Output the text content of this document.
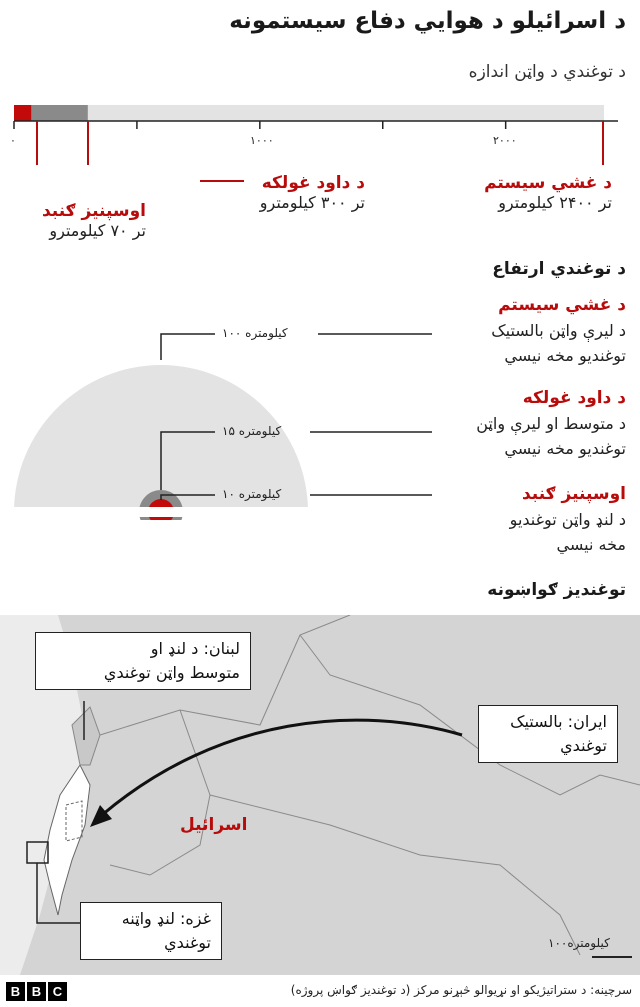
د اسرائیلو د هوایي دفاع سیستمونه
د توغندي د واټن اندازه
۰	۱۰۰۰	۲۰۰۰
د غشي سیستم
تر ۲۴۰۰ کیلومترو
د داود غولکه
تر ۳۰۰ کیلومترو
اوسپنیز ګنبد
تر ۷۰ کیلومترو
د توغندي ارتفاع
۱۰۰ کیلومتره
۱۵ کیلومتره
۱۰ کیلومتره
د غشي سیستم
د لیرې واټن بالستیک
توغندیو مخه نیسي
د داود غولکه
د متوسط او لیرې واټن
توغندیو مخه نیسي
اوسپنیز ګنبد
د لنډ واټن توغندیو
مخه نیسي
توغندیز ګواښونه
اسرائیل
لبنان: د لنډ او
متوسط واټن توغندي
ایران: بالستیک
توغندي
غزه: لنډ واټنه
توغندي	۱۰۰کیلومتره
B B C	سرچینه: د ستراتیژیکو او نړیوالو څېړنو مرکز (د توغندیز ګواښ پروژه)
